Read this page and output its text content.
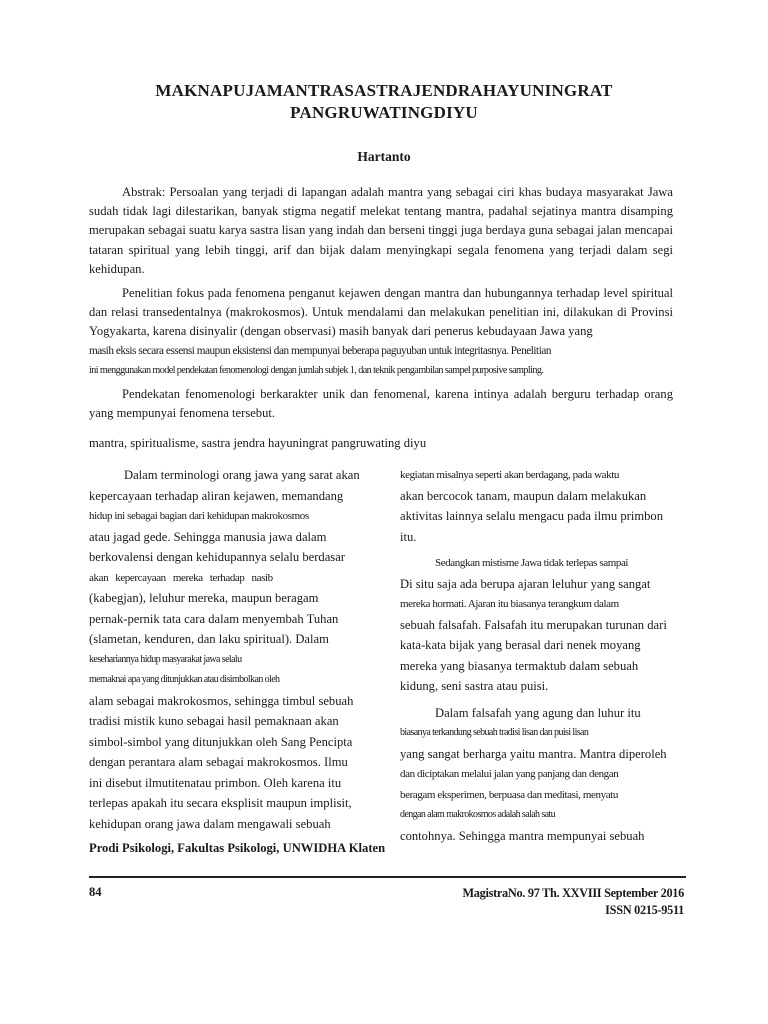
MAKNAPUJAMANTRASASTRAJENDRAHAYUNINGRAT
PANGRUWATINGDIYU
Hartanto

Abstrak: Persoalan yang terjadi di lapangan adalah mantra yang sebagai ciri khas budaya masyarakat Jawa sudah tidak lagi dilestarikan, banyak stigma negatif melekat tentang mantra, padahal sejatinya mantra disamping merupakan sebagai suatu karya sastra lisan yang indah dan berseni tinggi juga berdaya guna sebagai jalan mencapai tataran spiritual yang lebih tinggi, arif dan bijak dalam menyingkapi segala fenomena yang terjadi dalam segi kehidupan.

Penelitian fokus pada fenomena penganut kejawen dengan mantra dan hubungannya terhadap level spiritual dan relasi transedentalnya (makrokosmos). Untuk mendalami dan melakukan penelitian ini, dilakukan di Provinsi Yogyakarta, karena disinyalir (dengan observasi) masih banyak dari penerus kebudayaan Jawa yang

masih eksis secara essensi maupun eksistensi dan mempunyai beberapa paguyuban untuk integritasnya. Penelitian

ini menggunakan model pendekatan fenomenologi dengan jumlah subjek 1, dan teknik pengambilan sampel purposive sampling.

Pendekatan fenomenologi berkarakter unik dan fenomenal, karena intinya adalah berguru terhadap orang yang mempunyai fenomena tersebut.

mantra, spiritualisme, sastra jendra hayuningrat pangruwating diyu
Dalam terminologi orang jawa yang sarat akan
kepercayaan terhadap aliran kejawen, memandang
hidup ini sebagai bagian dari kehidupan makrokosmos
atau jagad gede. Sehingga manusia jawa dalam
berkovalensi dengan kehidupannya selalu berdasar
akan   kepercayaan   mereka   terhadap   nasib
(kabegjan), leluhur mereka, maupun beragam
pernak-pernik tata cara dalam menyembah Tuhan
(slametan, kenduren, dan laku spiritual). Dalam
kesehariannya hidup masyarakat jawa selalu
memaknai apa yang ditunjukkan atau disimbolkan oleh
alam sebagai makrokosmos, sehingga timbul sebuah
tradisi mistik kuno sebagai hasil pemaknaan akan
simbol-simbol yang ditunjukkan oleh Sang Pencipta
dengan perantara alam sebagai makrokosmos. Ilmu
ini disebut ilmutitenatau primbon. Oleh karena itu
terlepas apakah itu secara eksplisit maupun implisit,
kehidupan orang jawa dalam mengawali sebuah
kegiatan misalnya seperti akan berdagang, pada waktu
akan bercocok tanam, maupun dalam melakukan
aktivitas lainnya selalu mengacu pada ilmu primbon
itu.
Sedangkan mistisme Jawa tidak terlepas sampai
Di situ saja ada berupa ajaran leluhur yang sangat
mereka hormati. Ajaran itu biasanya terangkum dalam
sebuah falsafah. Falsafah itu merupakan turunan dari
kata-kata bijak yang berasal dari nenek moyang
mereka yang biasanya termaktub dalam sebuah
kidung, seni sastra atau puisi.
Dalam falsafah yang agung dan luhur itu
biasanya terkandung sebuah tradisi lisan dan puisi lisan
yang sangat berharga yaitu mantra. Mantra diperoleh
dan diciptakan melalui jalan yang panjang dan dengan
beragam eksperimen, berpuasa dan meditasi, menyatu
dengan alam makrokosmos adalah salah satu
contohnya. Sehingga mantra mempunyai sebuah
Prodi Psikologi, Fakultas Psikologi, UNWIDHA Klaten
84	MagistraNo. 97 Th. XXVIII September 2016
ISSN 0215-9511
